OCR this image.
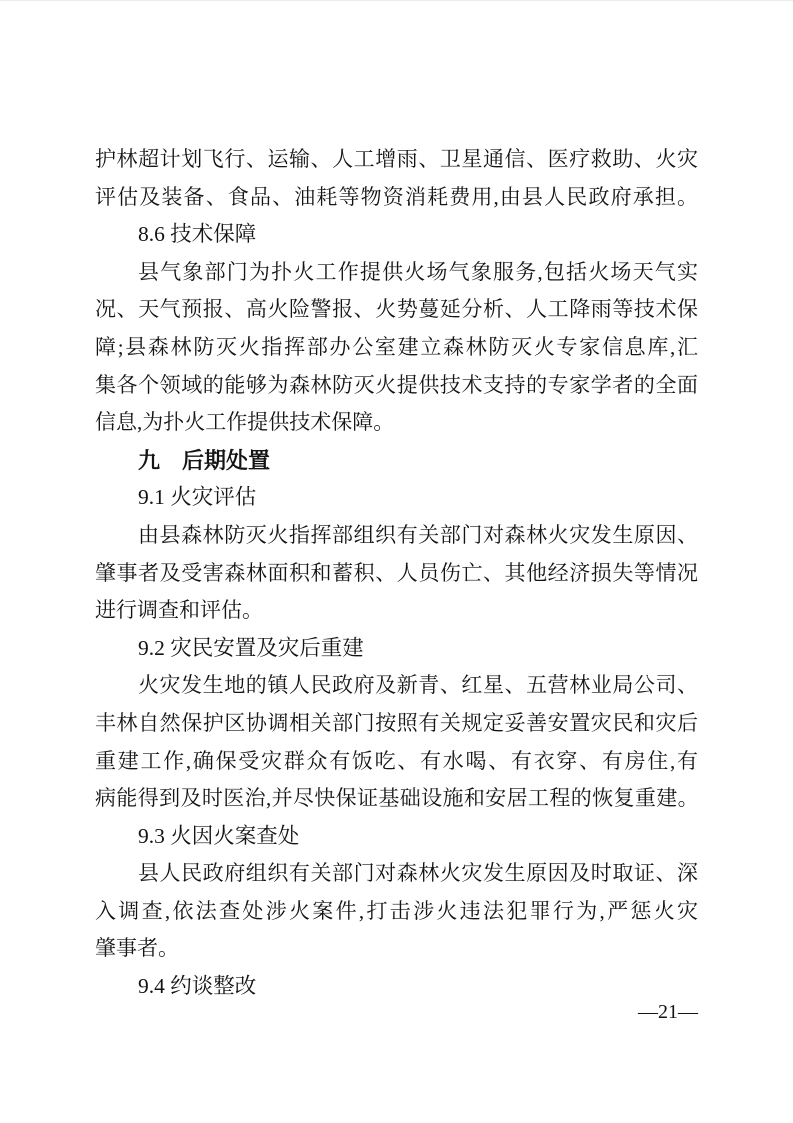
护林超计划飞行、运输、人工增雨、卫星通信、医疗救助、火灾
评估及装备、食品、油耗等物资消耗费用,由县人民政府承担。
8.6 技术保障
县气象部门为扑火工作提供火场气象服务,包括火场天气实
况、天气预报、高火险警报、火势蔓延分析、人工降雨等技术保
障;县森林防灭火指挥部办公室建立森林防灭火专家信息库,汇
集各个领域的能够为森林防灭火提供技术支持的专家学者的全面
信息,为扑火工作提供技术保障。
九　后期处置
9.1 火灾评估
由县森林防灭火指挥部组织有关部门对森林火灾发生原因、
肇事者及受害森林面积和蓄积、人员伤亡、其他经济损失等情况
进行调查和评估。
9.2 灾民安置及灾后重建
火灾发生地的镇人民政府及新青、红星、五营林业局公司、
丰林自然保护区协调相关部门按照有关规定妥善安置灾民和灾后
重建工作,确保受灾群众有饭吃、有水喝、有衣穿、有房住,有
病能得到及时医治,并尽快保证基础设施和安居工程的恢复重建。
9.3 火因火案查处
县人民政府组织有关部门对森林火灾发生原因及时取证、深
入调查,依法查处涉火案件,打击涉火违法犯罪行为,严惩火灾
肇事者。
9.4 约谈整改
—21—
